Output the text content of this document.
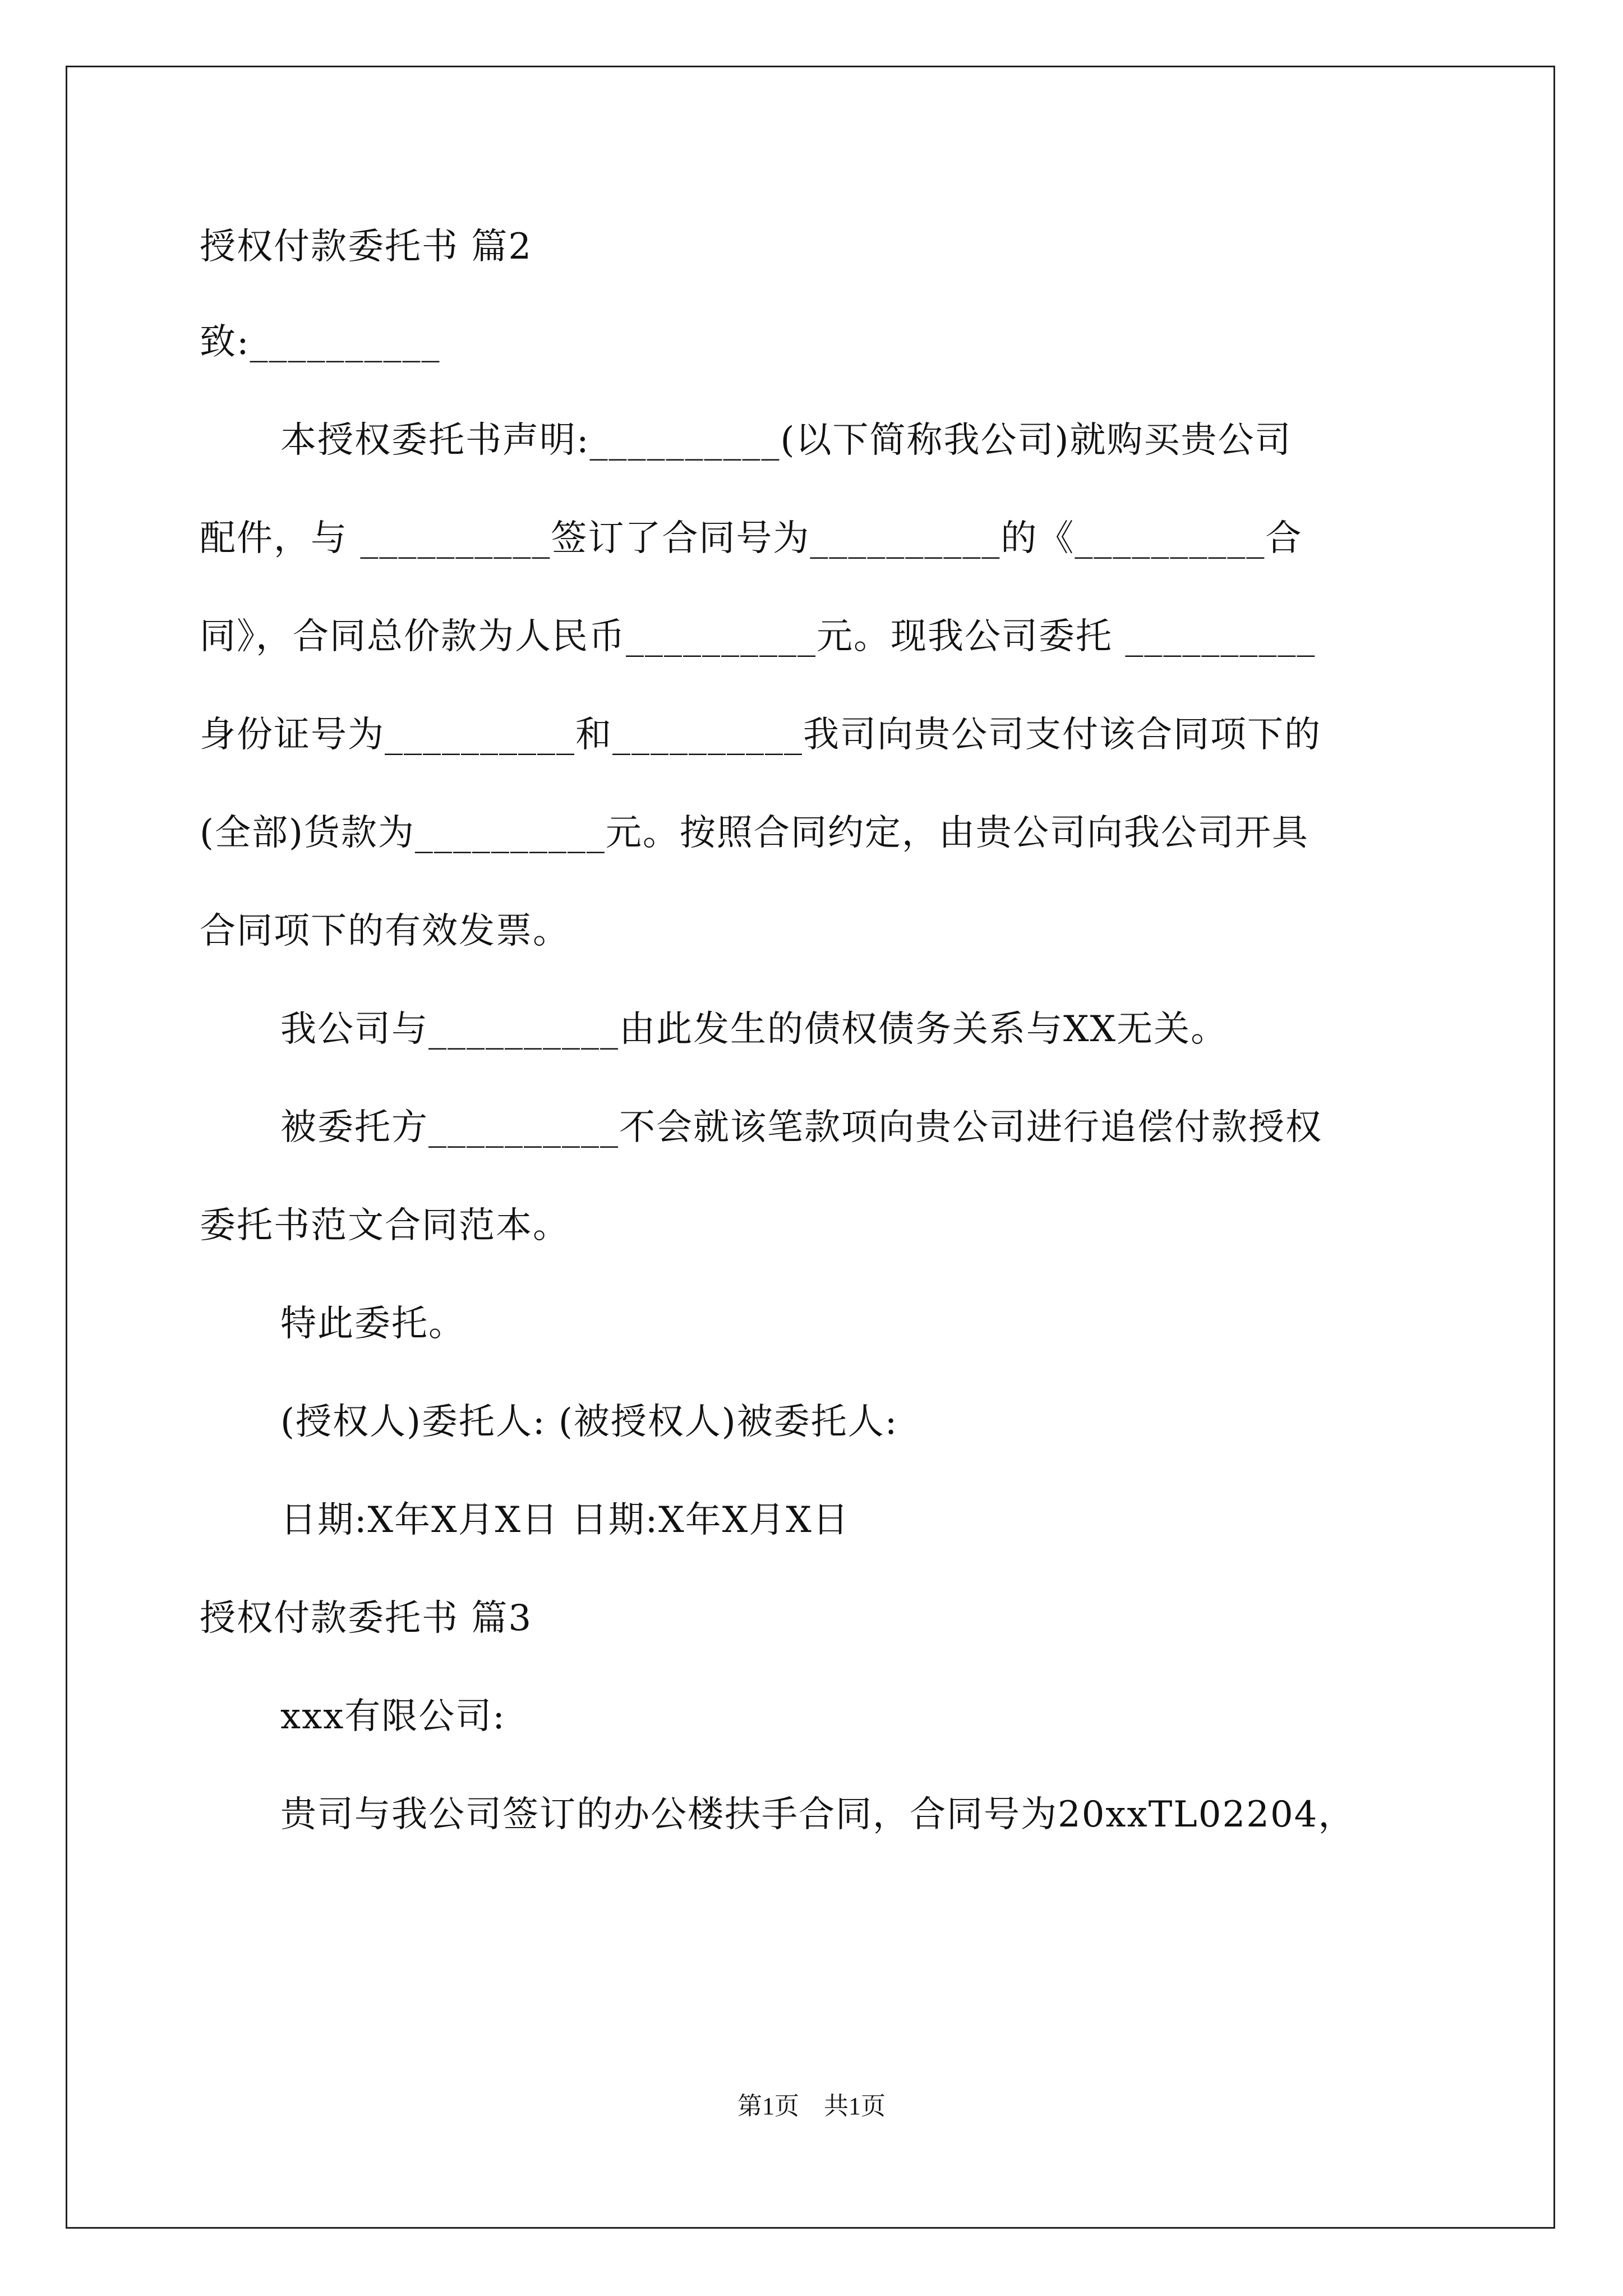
授权付款委托书 篇2
致:__________
本授权委托书声明:__________(以下简称我公司)就购买贵公司
配件，与 __________签订了合同号为__________的《__________合
同》，合同总价款为人民币__________元。现我公司委托 __________
身份证号为__________和__________我司向贵公司支付该合同项下的
(全部)货款为__________元。按照合同约定，由贵公司向我公司开具
合同项下的有效发票。
我公司与__________由此发生的债权债务关系与XX无关。
被委托方__________不会就该笔款项向贵公司进行追偿付款授权
委托书范文合同范本。
特此委托。
(授权人)委托人: (被授权人)被委托人:
日期:X年X月X日 日期:X年X月X日
授权付款委托书 篇3
xxx有限公司:
贵司与我公司签订的办公楼扶手合同，合同号为20xxTL02204，
第1页　共1页
